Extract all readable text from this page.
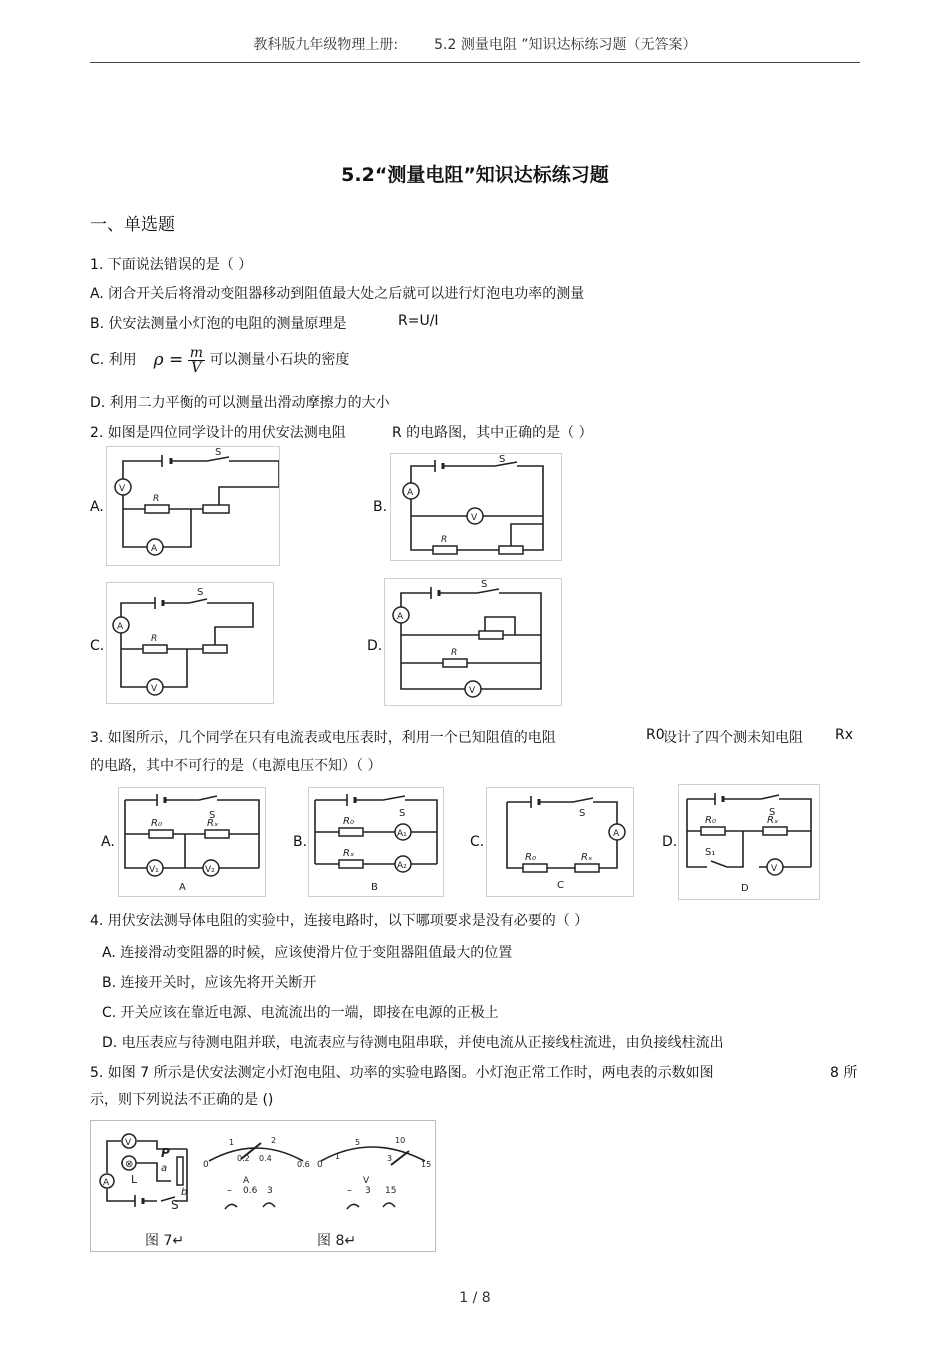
教科版九年级物理上册:	5.2 测量电阻 ”知识达标练习题（无答案）
5.2“测量电阻”知识达标练习题
一、单选题
1. 下面说法错误的是（ ）
A. 闭合开关后将滑动变阻器移动到阻值最大处之后就可以进行灯泡电功率的测量
B. 伏安法测量小灯泡的电阻的测量原理是	R=U/I
C. 利用 $\rho = \frac{m}{V}$ 可以测量小石块的密度
D. 利用二力平衡的可以测量出滑动摩擦力的大小
2. 如图是四位同学设计的用伏安法测电阻	R 的电路图，其中正确的是（ ）
A.
S
V
R
A
B.
S
A
V
R
C.
S
A
R
V
D.
S
A
R
V
3. 如图所示，几个同学在只有电流表或电压表时，利用一个已知阻值的电阻	R0
设计了四个测未知电阻 Rx
的电路，其中不可行的是（电源电压不知）（ ）
A.
R₀	Rₓ
S
V₁	V₂
A
B.
S
R₀
Rₓ
A₁
A₂
B
C.
S
A
R₀	Rₓ
C
D.
S
R₀	Rₓ
S₁
V
D
4. 用伏安法测导体电阻的实验中，连接电路时，以下哪项要求是没有必要的（ ）
A. 连接滑动变阻器的时候，应该使滑片位于变阻器阻值最大的位置
B. 连接开关时，应该先将开关断开
C. 开关应该在靠近电源、电流流出的一端，即接在电源的正极上
D. 电压表应与待测电阻并联，电流表应与待测电阻串联，并使电流从正接线柱流进，由负接线柱流出
5. 如图 7 所示是伏安法测定小灯泡电阻、功率的实验电路图。小灯泡正常工作时，两电表的示数如图	8 所
示，则下列说法不正确的是 ()
V
⊗
A
P
a
b
L
S
图 7↵
0
1	2
0.6
0.2 0.4
A
– 0.6 3
0
5	10
15
1	3
V
– 3 15
图 8↵
1 / 8
